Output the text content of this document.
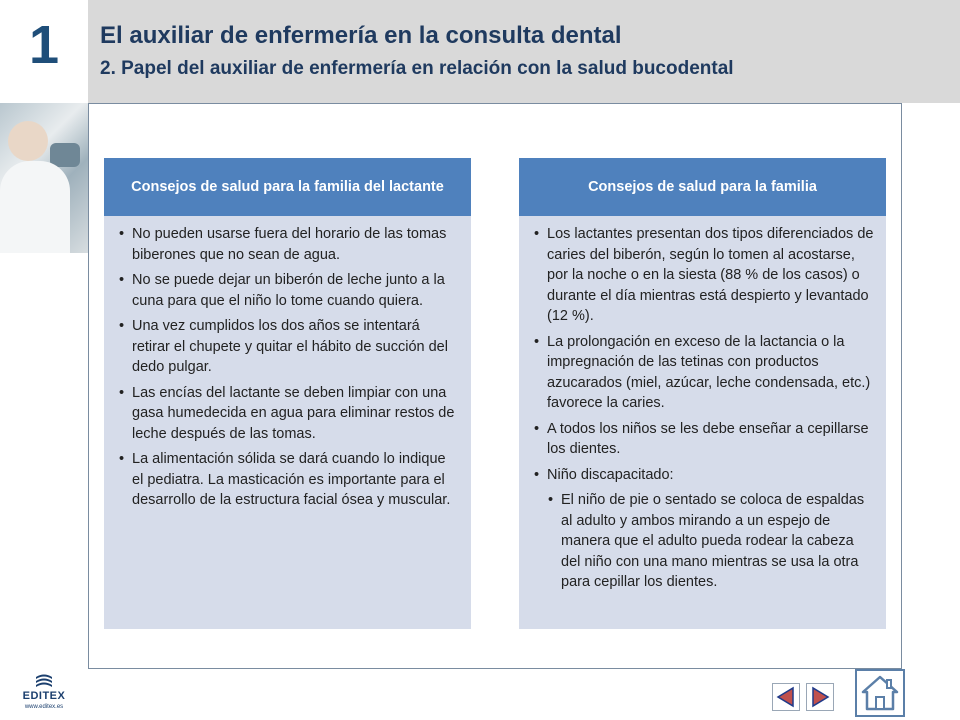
1	El auxiliar de enfermería en la consulta dental
2. Papel del auxiliar de enfermería en relación con la salud bucodental
Consejos de salud para la familia del lactante
• No pueden usarse fuera del horario de las tomas biberones que no sean de agua.
• No se puede dejar un biberón de leche junto a la cuna para que el niño lo tome cuando quiera.
• Una vez cumplidos los dos años se intentará retirar el chupete y quitar el hábito de succión del dedo pulgar.
• Las encías del lactante se deben limpiar con una gasa humedecida en agua para eliminar restos de leche después de las tomas.
• La alimentación sólida se dará cuando lo indique el pediatra. La masticación es importante para el desarrollo de la estructura facial ósea y muscular.
Consejos de salud para la familia
• Los lactantes presentan dos tipos diferenciados de caries del biberón, según lo tomen al acostarse, por la noche o en la siesta (88 % de los casos) o durante el día mientras está despierto y levantado (12 %).
• La prolongación en exceso de la lactancia o la impregnación de las tetinas con productos azucarados (miel, azúcar, leche condensada, etc.) favorece la caries.
• A todos los niños se les debe enseñar a cepillarse los dientes.
• Niño discapacitado:
• El niño de pie o sentado se coloca de espaldas al adulto y ambos mirando a un espejo de manera que el adulto pueda rodear la cabeza del niño con una mano mientras se usa la otra para cepillar los dientes.
EDITEX
www.editex.es
